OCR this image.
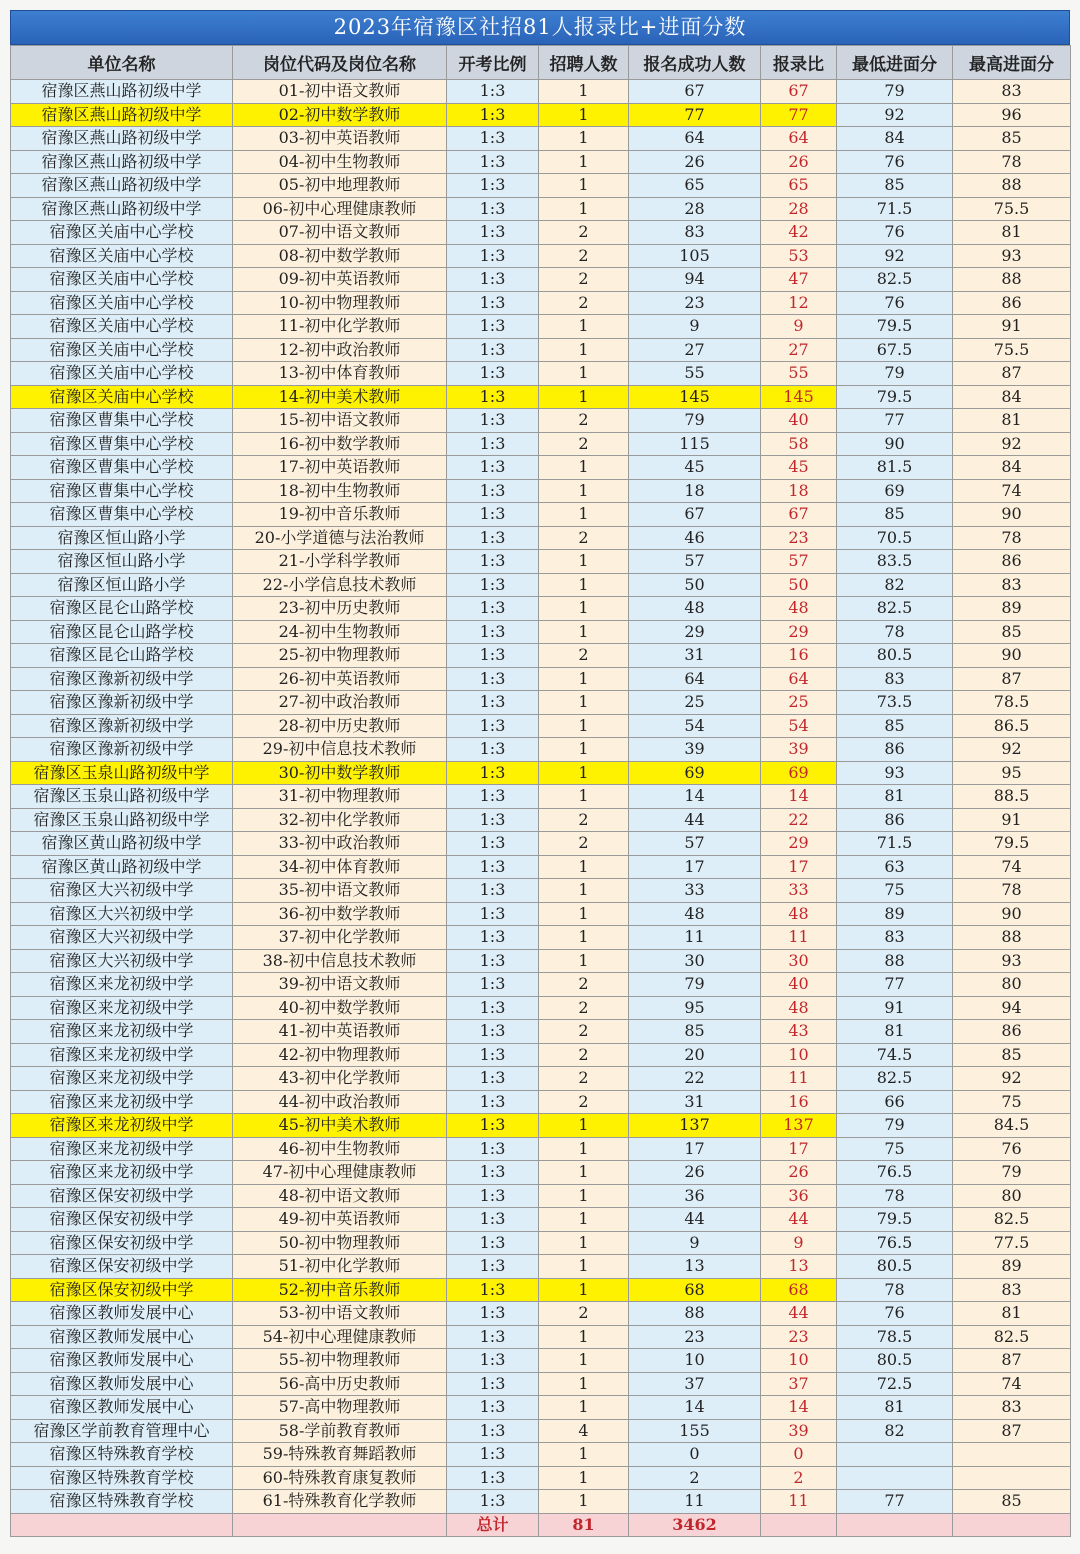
2023年宿豫区社招81人报录比+进面分数
单位名称	岗位代码及岗位名称	开考比例	招聘人数	报名成功人数	报录比	最低进面分	最高进面分
宿豫区燕山路初级中学	01-初中语文教师	1:3	1	67	67	79	83
宿豫区燕山路初级中学	02-初中数学教师	1:3	1	77	77	92	96
宿豫区燕山路初级中学	03-初中英语教师	1:3	1	64	64	84	85
宿豫区燕山路初级中学	04-初中生物教师	1:3	1	26	26	76	78
宿豫区燕山路初级中学	05-初中地理教师	1:3	1	65	65	85	88
宿豫区燕山路初级中学	06-初中心理健康教师	1:3	1	28	28	71.5	75.5
宿豫区关庙中心学校	07-初中语文教师	1:3	2	83	42	76	81
宿豫区关庙中心学校	08-初中数学教师	1:3	2	105	53	92	93
宿豫区关庙中心学校	09-初中英语教师	1:3	2	94	47	82.5	88
宿豫区关庙中心学校	10-初中物理教师	1:3	2	23	12	76	86
宿豫区关庙中心学校	11-初中化学教师	1:3	1	9	9	79.5	91
宿豫区关庙中心学校	12-初中政治教师	1:3	1	27	27	67.5	75.5
宿豫区关庙中心学校	13-初中体育教师	1:3	1	55	55	79	87
宿豫区关庙中心学校	14-初中美术教师	1:3	1	145	145	79.5	84
宿豫区曹集中心学校	15-初中语文教师	1:3	2	79	40	77	81
宿豫区曹集中心学校	16-初中数学教师	1:3	2	115	58	90	92
宿豫区曹集中心学校	17-初中英语教师	1:3	1	45	45	81.5	84
宿豫区曹集中心学校	18-初中生物教师	1:3	1	18	18	69	74
宿豫区曹集中心学校	19-初中音乐教师	1:3	1	67	67	85	90
宿豫区恒山路小学	20-小学道德与法治教师	1:3	2	46	23	70.5	78
宿豫区恒山路小学	21-小学科学教师	1:3	1	57	57	83.5	86
宿豫区恒山路小学	22-小学信息技术教师	1:3	1	50	50	82	83
宿豫区昆仑山路学校	23-初中历史教师	1:3	1	48	48	82.5	89
宿豫区昆仑山路学校	24-初中生物教师	1:3	1	29	29	78	85
宿豫区昆仑山路学校	25-初中物理教师	1:3	2	31	16	80.5	90
宿豫区豫新初级中学	26-初中英语教师	1:3	1	64	64	83	87
宿豫区豫新初级中学	27-初中政治教师	1:3	1	25	25	73.5	78.5
宿豫区豫新初级中学	28-初中历史教师	1:3	1	54	54	85	86.5
宿豫区豫新初级中学	29-初中信息技术教师	1:3	1	39	39	86	92
宿豫区玉泉山路初级中学	30-初中数学教师	1:3	1	69	69	93	95
宿豫区玉泉山路初级中学	31-初中物理教师	1:3	1	14	14	81	88.5
宿豫区玉泉山路初级中学	32-初中化学教师	1:3	2	44	22	86	91
宿豫区黄山路初级中学	33-初中政治教师	1:3	2	57	29	71.5	79.5
宿豫区黄山路初级中学	34-初中体育教师	1:3	1	17	17	63	74
宿豫区大兴初级中学	35-初中语文教师	1:3	1	33	33	75	78
宿豫区大兴初级中学	36-初中数学教师	1:3	1	48	48	89	90
宿豫区大兴初级中学	37-初中化学教师	1:3	1	11	11	83	88
宿豫区大兴初级中学	38-初中信息技术教师	1:3	1	30	30	88	93
宿豫区来龙初级中学	39-初中语文教师	1:3	2	79	40	77	80
宿豫区来龙初级中学	40-初中数学教师	1:3	2	95	48	91	94
宿豫区来龙初级中学	41-初中英语教师	1:3	2	85	43	81	86
宿豫区来龙初级中学	42-初中物理教师	1:3	2	20	10	74.5	85
宿豫区来龙初级中学	43-初中化学教师	1:3	2	22	11	82.5	92
宿豫区来龙初级中学	44-初中政治教师	1:3	2	31	16	66	75
宿豫区来龙初级中学	45-初中美术教师	1:3	1	137	137	79	84.5
宿豫区来龙初级中学	46-初中生物教师	1:3	1	17	17	75	76
宿豫区来龙初级中学	47-初中心理健康教师	1:3	1	26	26	76.5	79
宿豫区保安初级中学	48-初中语文教师	1:3	1	36	36	78	80
宿豫区保安初级中学	49-初中英语教师	1:3	1	44	44	79.5	82.5
宿豫区保安初级中学	50-初中物理教师	1:3	1	9	9	76.5	77.5
宿豫区保安初级中学	51-初中化学教师	1:3	1	13	13	80.5	89
宿豫区保安初级中学	52-初中音乐教师	1:3	1	68	68	78	83
宿豫区教师发展中心	53-初中语文教师	1:3	2	88	44	76	81
宿豫区教师发展中心	54-初中心理健康教师	1:3	1	23	23	78.5	82.5
宿豫区教师发展中心	55-初中物理教师	1:3	1	10	10	80.5	87
宿豫区教师发展中心	56-高中历史教师	1:3	1	37	37	72.5	74
宿豫区教师发展中心	57-高中物理教师	1:3	1	14	14	81	83
宿豫区学前教育管理中心	58-学前教育教师	1:3	4	155	39	82	87
宿豫区特殊教育学校	59-特殊教育舞蹈教师	1:3	1	0	0		
宿豫区特殊教育学校	60-特殊教育康复教师	1:3	1	2	2		
宿豫区特殊教育学校	61-特殊教育化学教师	1:3	1	11	11	77	85
		总计	81	3462			
